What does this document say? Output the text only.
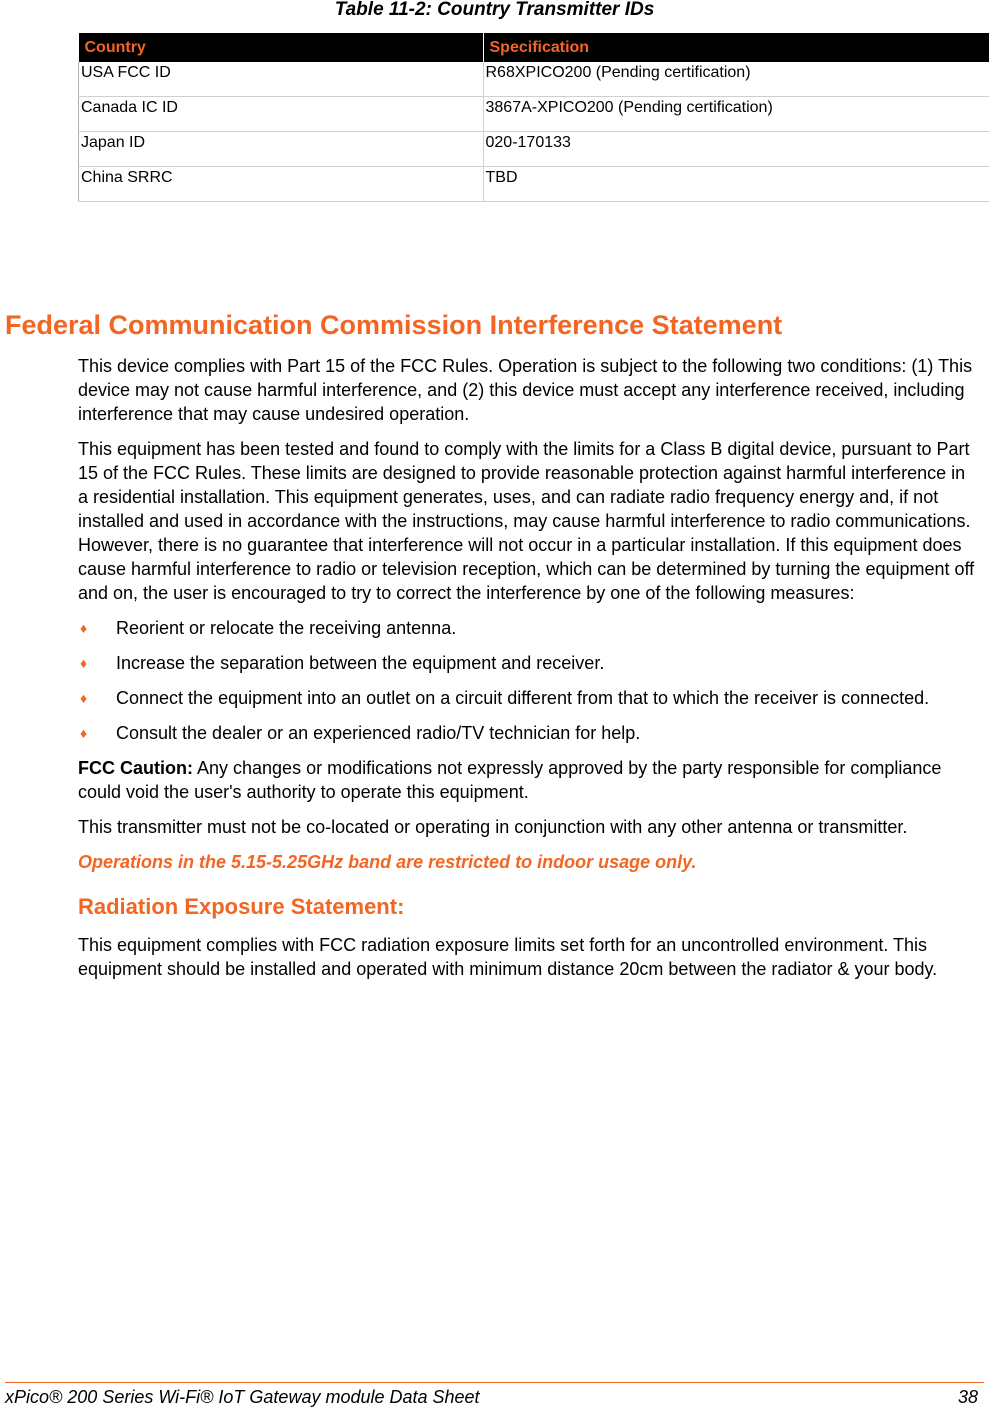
Table 11-2: Country Transmitter IDs
Country	Specification
USA FCC ID	R68XPICO200 (Pending certification)
Canada IC ID	3867A-XPICO200 (Pending certification)
Japan ID	020-170133
China SRRC	TBD
Federal Communication Commission Interference Statement

This device complies with Part 15 of the FCC Rules. Operation is subject to the following two conditions: (1) This device may not cause harmful interference, and (2) this device must accept any interference received, including interference that may cause undesired operation.

This equipment has been tested and found to comply with the limits for a Class B digital device, pursuant to Part 15 of the FCC Rules. These limits are designed to provide reasonable protection against harmful interference in a residential installation. This equipment generates, uses, and can radiate radio frequency energy and, if not installed and used in accordance with the instructions, may cause harmful interference to radio communications. However, there is no guarantee that interference will not occur in a particular installation. If this equipment does cause harmful interference to radio or television reception, which can be determined by turning the equipment off and on, the user is encouraged to try to correct the interference by one of the following measures:

♦ Reorient or relocate the receiving antenna.
♦ Increase the separation between the equipment and receiver.
♦ Connect the equipment into an outlet on a circuit different from that to which the receiver is connected.
♦ Consult the dealer or an experienced radio/TV technician for help.

FCC Caution: Any changes or modifications not expressly approved by the party responsible for compliance could void the user's authority to operate this equipment.

This transmitter must not be co-located or operating in conjunction with any other antenna or transmitter.

Operations in the 5.15-5.25GHz band are restricted to indoor usage only.

Radiation Exposure Statement:

This equipment complies with FCC radiation exposure limits set forth for an uncontrolled environment. This equipment should be installed and operated with minimum distance 20cm between the radiator & your body.

xPico® 200 Series Wi-Fi® IoT Gateway module Data Sheet	38
